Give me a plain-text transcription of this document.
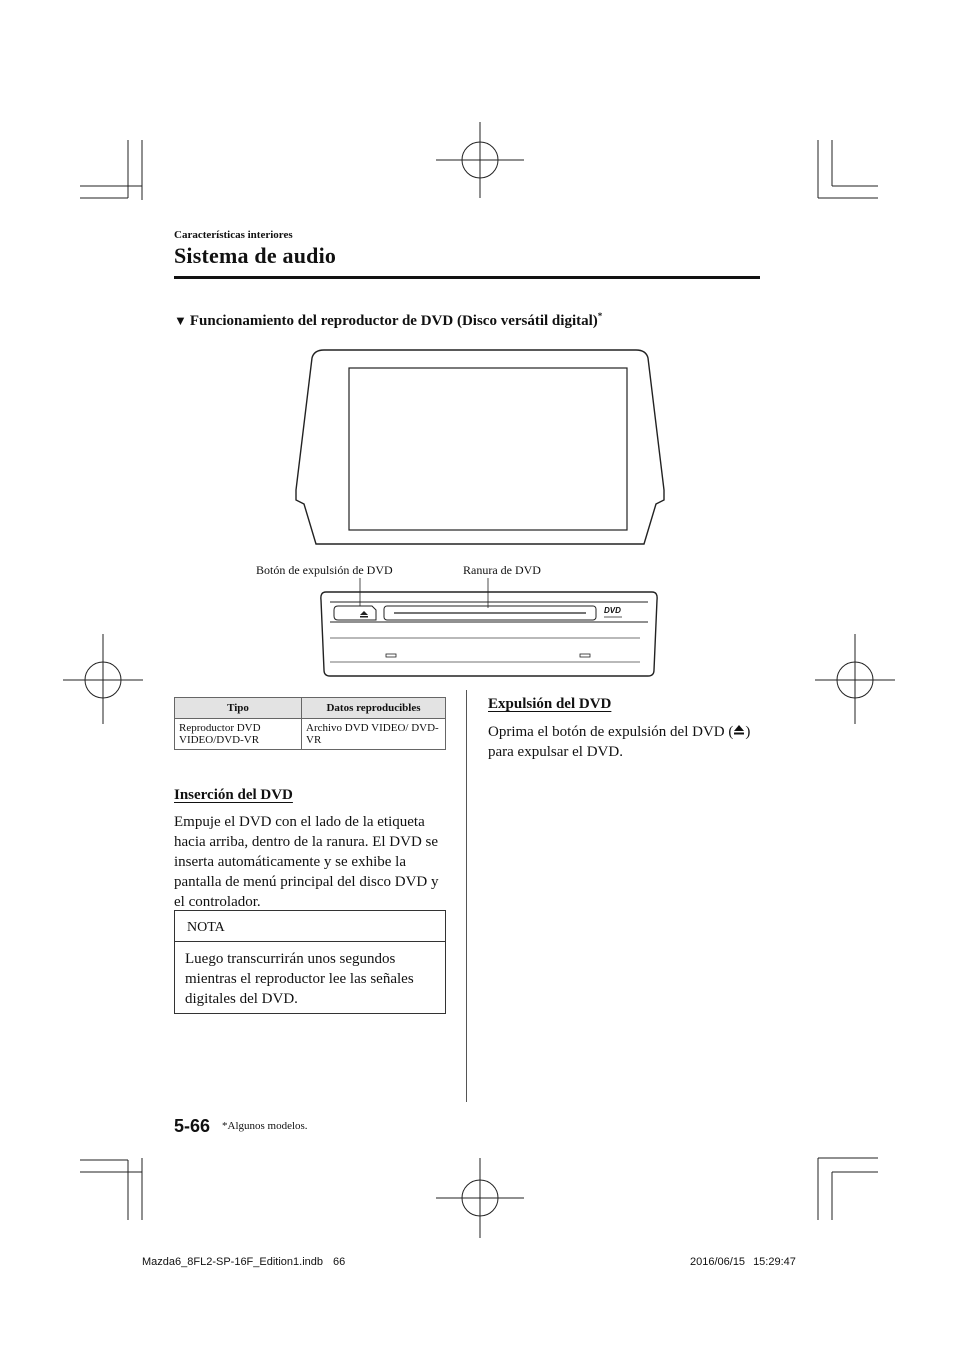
Características interiores
Sistema de audio
▼ Funcionamiento del reproductor de DVD (Disco versátil digital)*
DVD
Botón de expulsión de DVD	Ranura de DVD
Tipo	Datos reproducibles
Reproductor DVD VIDEO/DVD-VR	Archivo DVD VIDEO/ DVD-VR
Inserción del DVD
Empuje el DVD con el lado de la etiqueta hacia arriba, dentro de la ranura. El DVD se inserta automáticamente y se exhibe la pantalla de menú principal del disco DVD y el controlador.
NOTA
Luego transcurrirán unos segundos mientras el reproductor lee las señales digitales del DVD.
Expulsión del DVD
Oprima el botón de expulsión del DVD ( ) para expulsar el DVD.
5-66 *Algunos modelos.
Mazda6_8FL2-SP-16F_Edition1.indb 66	2016/06/15 15:29:47
